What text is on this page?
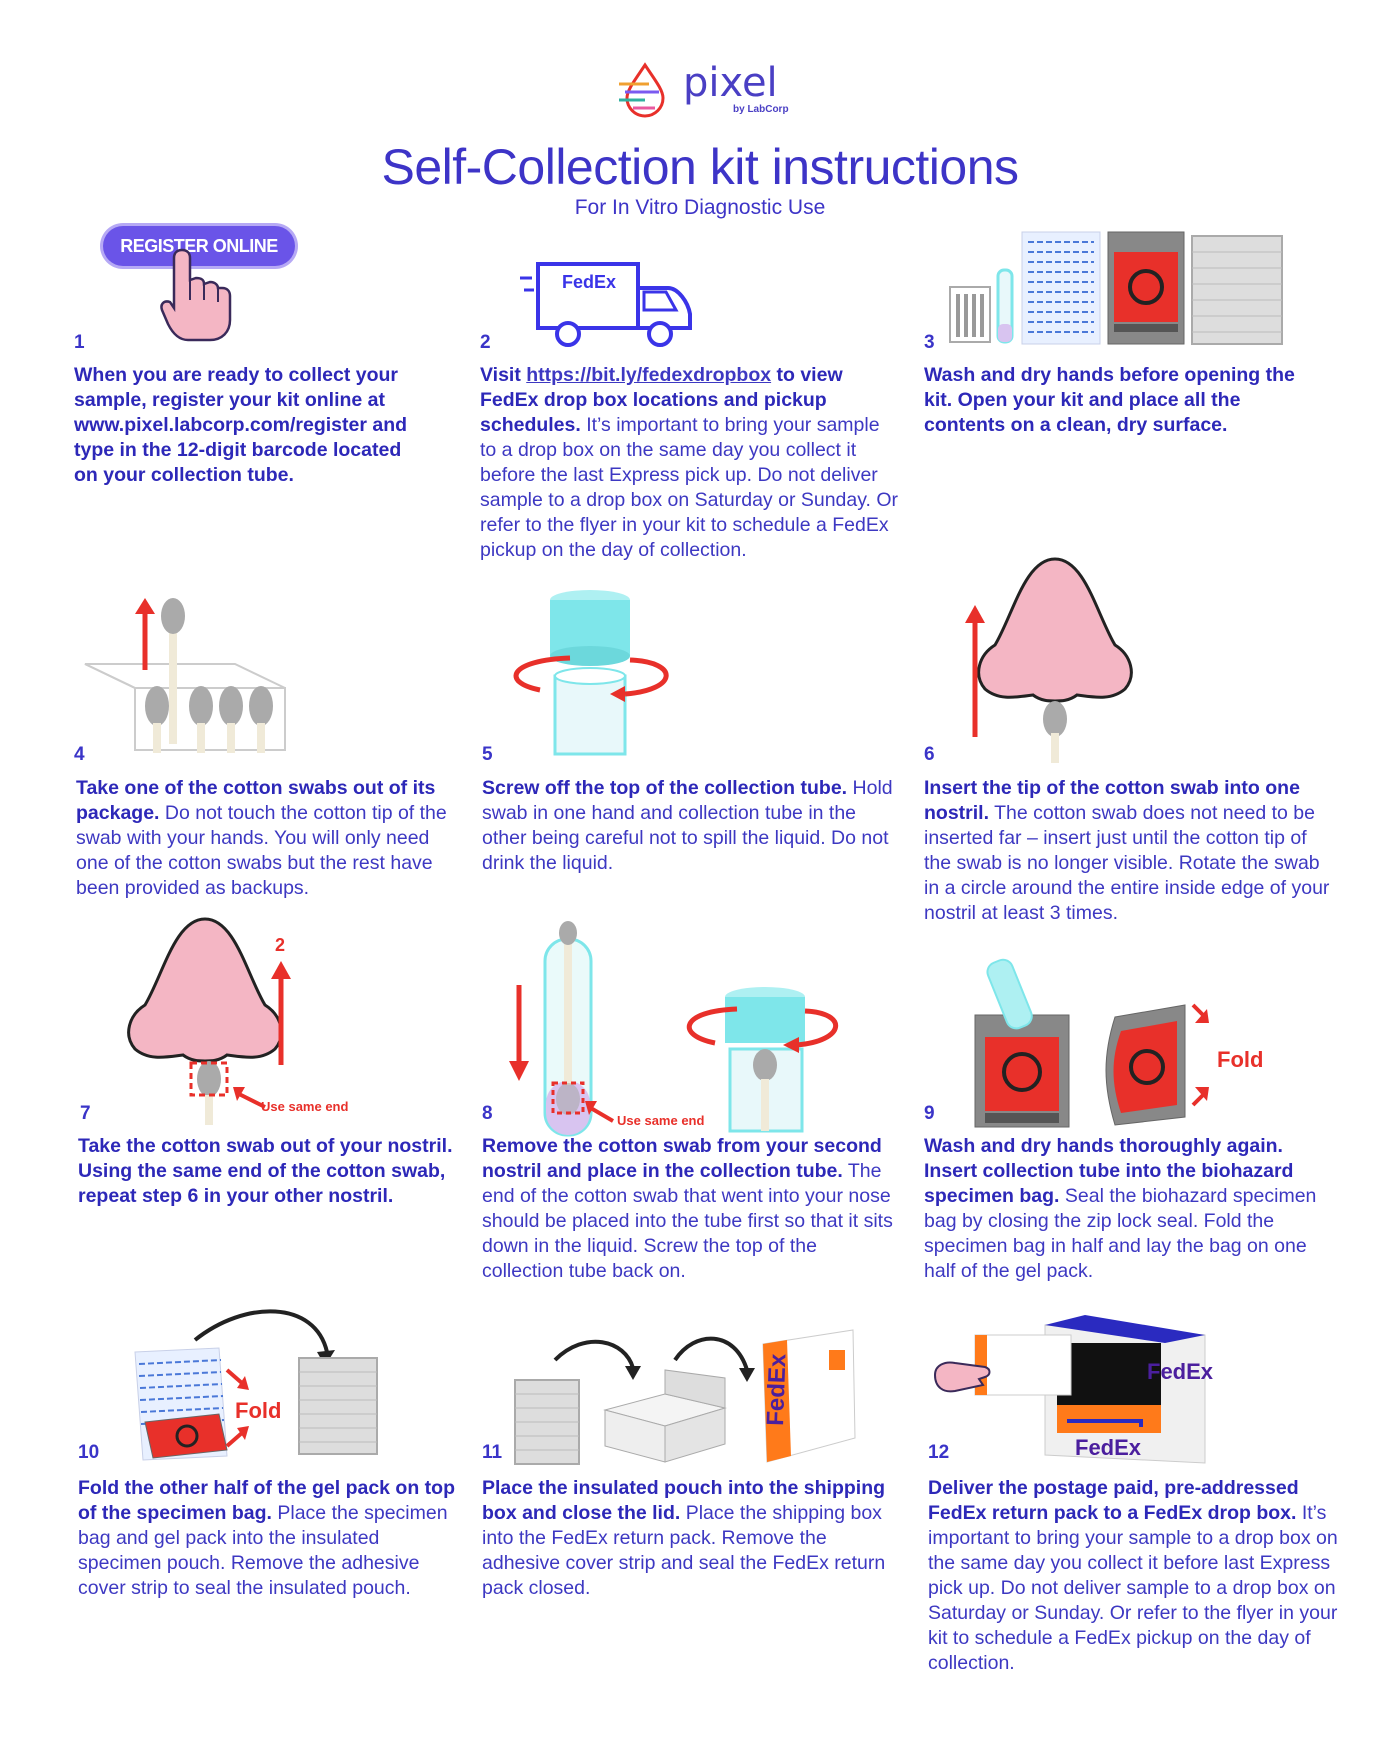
pixel
by LabCorp
Self-Collection kit instructions
For In Vitro Diagnostic Use
REGISTER ONLINE
FedEx
1
When you are ready to collect your sample, register your kit online at www.pixel.labcorp.com/register and type in the 12-digit barcode located on your collection tube.
2
Visit https://bit.ly/fedexdropbox to view FedEx drop box locations and pickup schedules. It’s important to bring your sample to a drop box on the same day you collect it before the last Express pick up. Do not deliver sample to a drop box on Saturday or Sunday. Or refer to the flyer in your kit to schedule a FedEx pickup on the day of collection.
3
Wash and dry hands before opening the kit. Open your kit and place all the contents on a clean, dry surface.
4
Take one of the cotton swabs out of its package. Do not touch the cotton tip of the swab with your hands. You will only need one of the cotton swabs but the rest have been provided as backups.
5
Screw off the top of the collection tube. Hold swab in one hand and collection tube in the other being careful not to spill the liquid. Do not drink the liquid.
6
Insert the tip of the cotton swab into one nostril. The cotton swab does not need to be inserted far – insert just until the cotton tip of the swab is no longer visible. Rotate the swab in a circle around the entire inside edge of your nostril at least 3 times.
2
Use same end
Use same end
Fold
7
Take the cotton swab out of your nostril. Using the same end of the cotton swab, repeat step 6 in your other nostril.
8
Remove the cotton swab from your second nostril and place in the collection tube. The end of the cotton swab that went into your nose should be placed into the tube first so that it sits down in the liquid. Screw the top of the collection tube back on.
9
Wash and dry hands thoroughly again. Insert collection tube into the biohazard specimen bag. Seal the biohazard specimen bag by closing the zip lock seal. Fold the specimen bag in half and lay the bag on one half of the gel pack.
Fold	FedEx	FedEx
FedEx
10
Fold the other half of the gel pack on top of the specimen bag. Place the specimen bag and gel pack into the insulated specimen pouch. Remove the adhesive cover strip to seal the insulated pouch.
11
Place the insulated pouch into the shipping box and close the lid. Place the shipping box into the FedEx return pack. Remove the adhesive cover strip and seal the FedEx return pack closed.
12
Deliver the postage paid, pre-addressed FedEx return pack to a FedEx drop box. It’s important to bring your sample to a drop box on the same day you collect it before last Express pick up. Do not deliver sample to a drop box on Saturday or Sunday. Or refer to the flyer in your kit to schedule a FedEx pickup on the day of collection.
